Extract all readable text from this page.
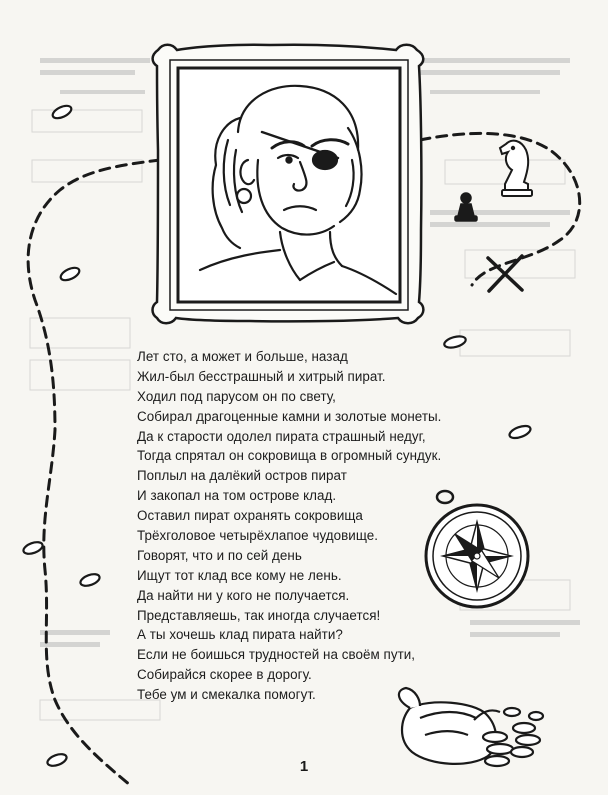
Лет сто, а может и больше, назад
Жил-был бесстрашный и хитрый пират.
Ходил под парусом он по свету,
Собирал драгоценные камни и золотые монеты.
Да к старости одолел пирата страшный недуг,
Тогда спрятал он сокровища в огромный сундук.
Поплыл на далёкий остров пират
И закопал на том острове клад.
Оставил пират охранять сокровища
Трёхголовое четырёхлапое чудовище.
Говорят, что и по сей день
Ищут тот клад все кому не лень.
Да найти ни у кого не получается.
Представляешь, так иногда случается!
А ты хочешь клад пирата найти?
Если не боишься трудностей на своём пути,
Собирайся скорее в дорогу.
Тебе ум и смекалка помогут.
1
